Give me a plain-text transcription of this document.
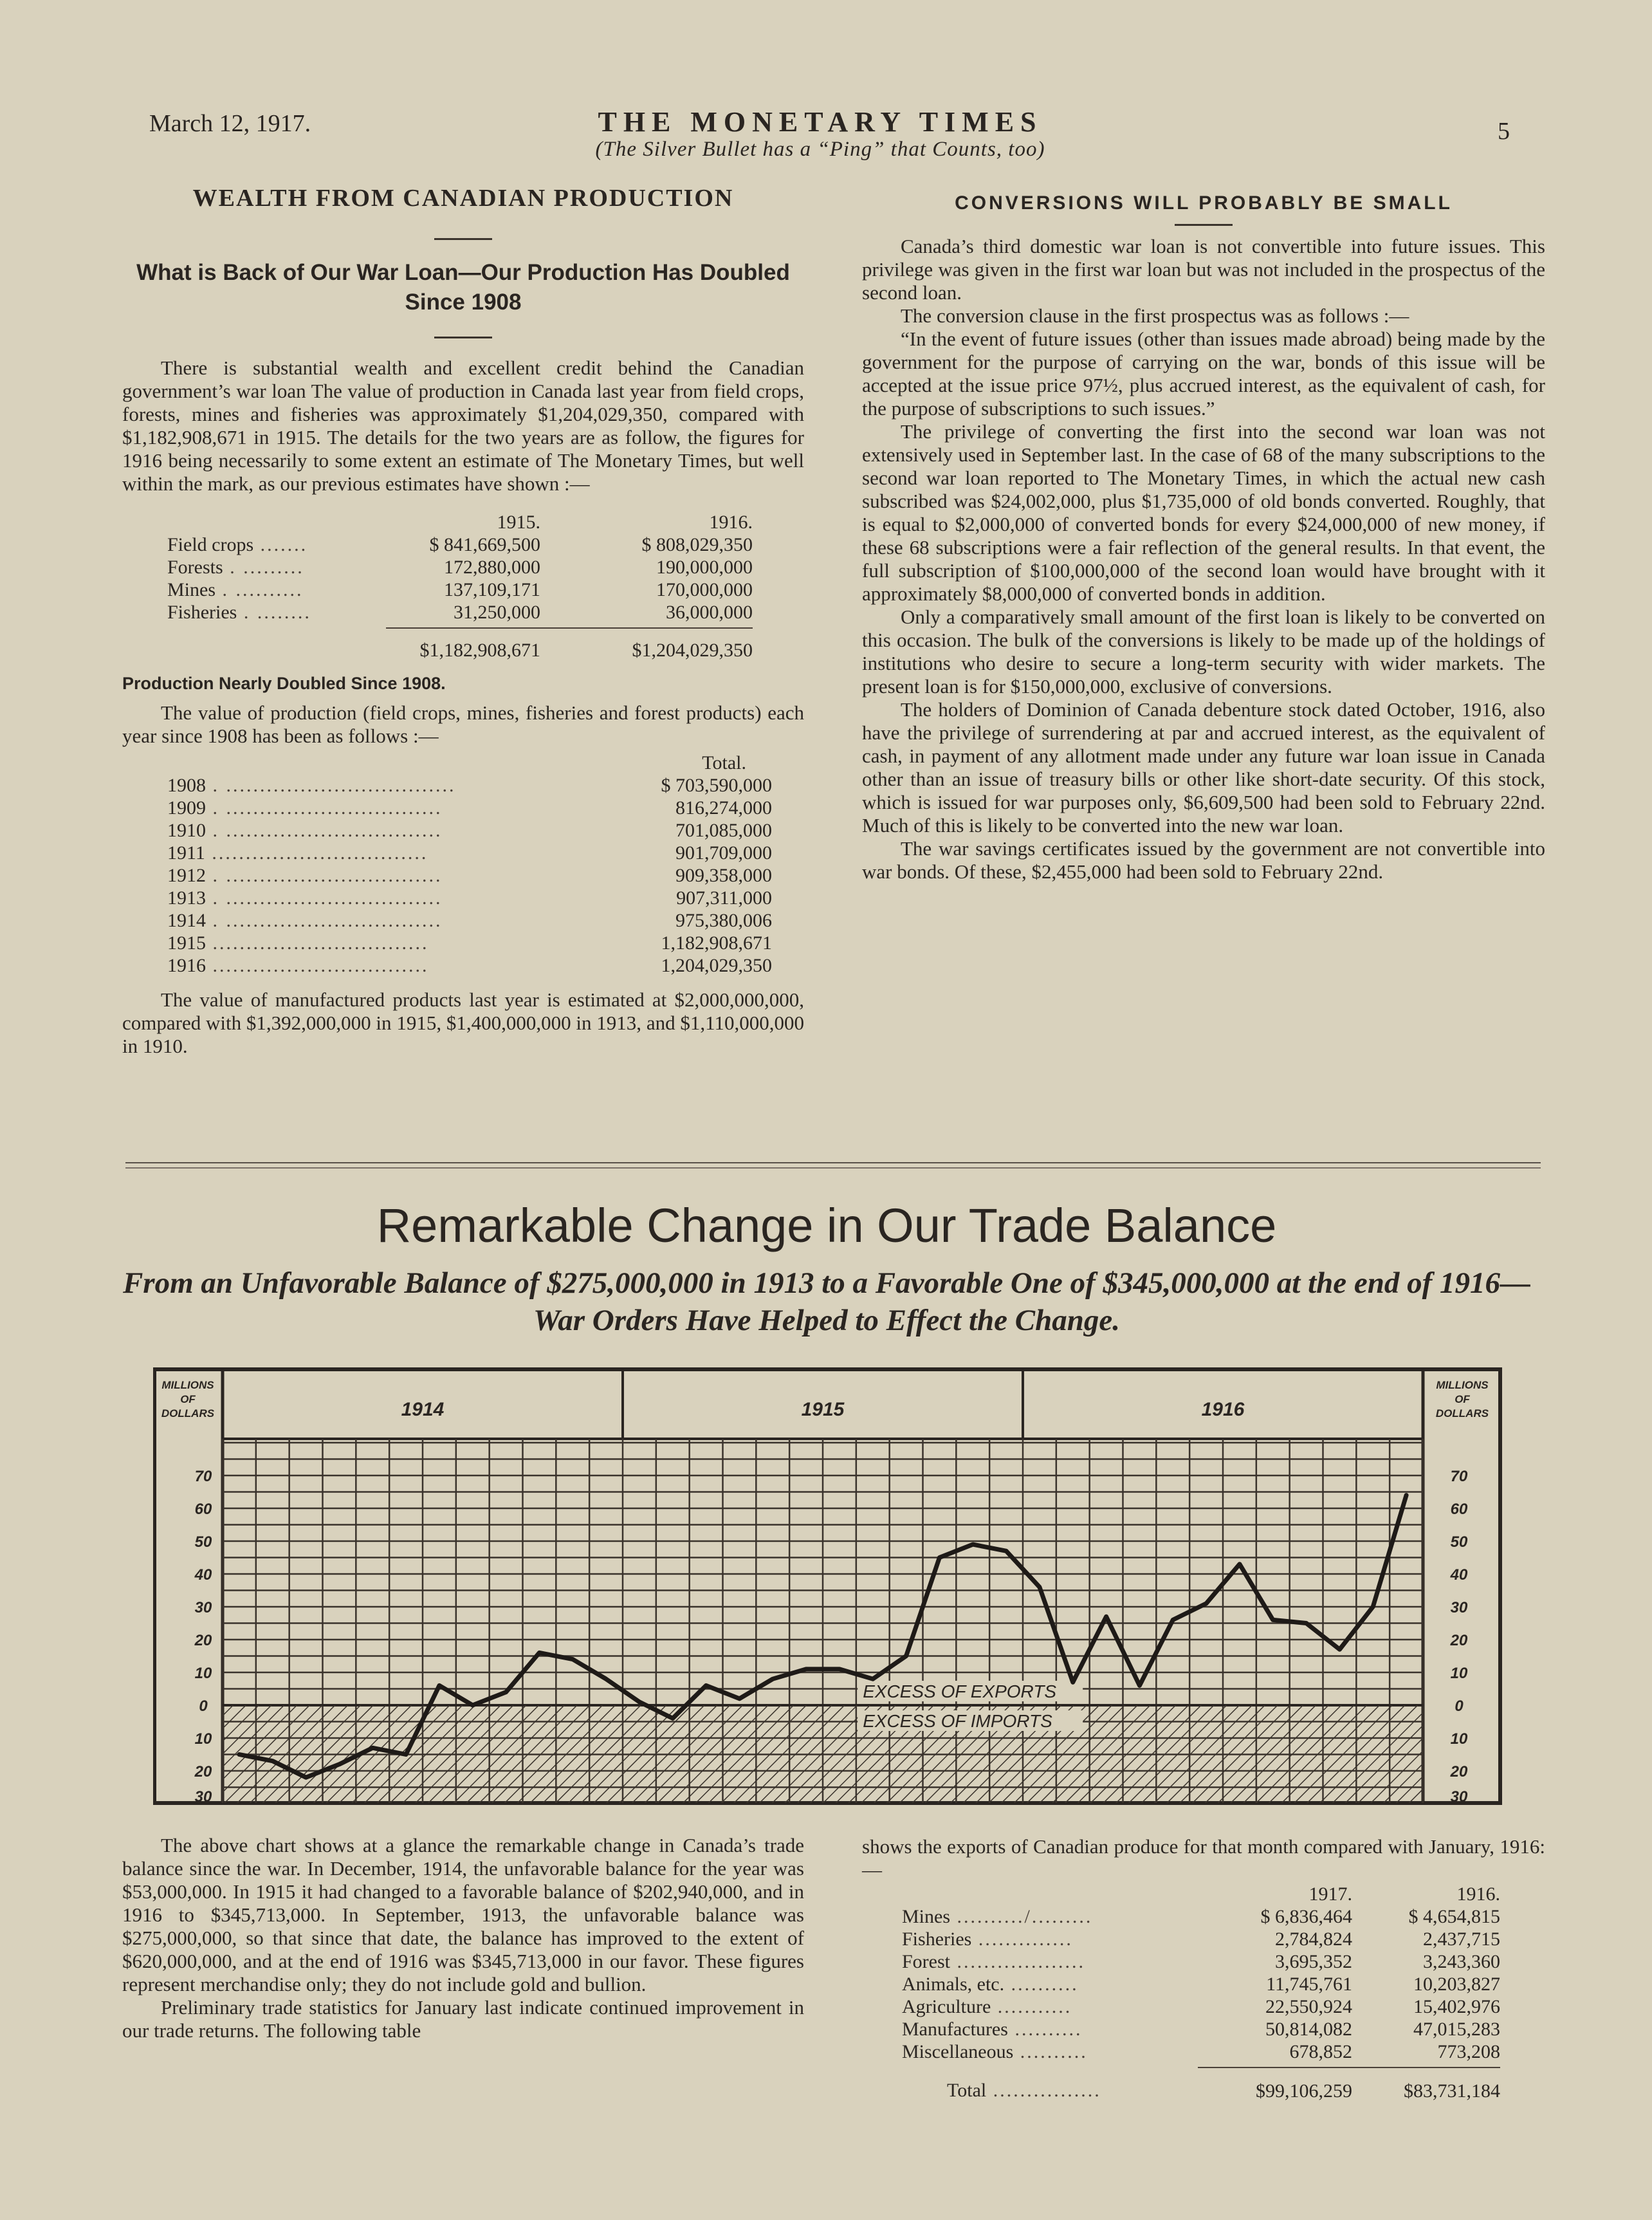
March 12, 1917.	THE MONETARY TIMES
(The Silver Bullet has a “Ping” that Counts, too)
5
WEALTH FROM CANADIAN PRODUCTION
What is Back of Our War Loan—Our Production Has Doubled Since 1908

There is substantial wealth and excellent credit behind the Canadian government’s war loan The value of production in Canada last year from field crops, forests, mines and fisheries was approximately $1,204,029,350, compared with $1,182,908,671 in 1915. The details for the two years are as follow, the figures for 1916 being necessarily to some extent an estimate of The Monetary Times, but well within the mark, as our previous estimates have shown :—

	1915.	1916.
Field crops .......	$ 841,669,500	$ 808,029,350
Forests . .........	172,880,000	190,000,000
Mines . ..........	137,109,171	170,000,000
Fisheries . ........	31,250,000	36,000,000
	$1,182,908,671	$1,204,029,350
Production Nearly Doubled Since 1908.

The value of production (field crops, mines, fisheries and forest products) each year since 1908 has been as follows :—

	Total.
1908 . ..................................	$ 703,590,000
1909 . ................................	816,274,000
1910 . ................................	701,085,000
1911 ................................	901,709,000
1912 . ................................	909,358,000
1913 . ................................	907,311,000
1914 . ................................	975,380,006
1915 ................................	1,182,908,671
1916 ................................	1,204,029,350

The value of manufactured products last year is estimated at $2,000,000,000, compared with $1,392,000,000 in 1915, $1,400,000,000 in 1913, and $1,110,000,000 in 1910.

CONVERSIONS WILL PROBABLY BE SMALL

Canada’s third domestic war loan is not convertible into future issues. This privilege was given in the first war loan but was not included in the prospectus of the second loan.

The conversion clause in the first prospectus was as follows :—

“In the event of future issues (other than issues made abroad) being made by the government for the purpose of carrying on the war, bonds of this issue will be accepted at the issue price 97½, plus accrued interest, as the equivalent of cash, for the purpose of subscriptions to such issues.”

The privilege of converting the first into the second war loan was not extensively used in September last. In the case of 68 of the many subscriptions to the second war loan reported to The Monetary Times, in which the actual new cash subscribed was $24,002,000, plus $1,735,000 of old bonds converted. Roughly, that is equal to $2,000,000 of converted bonds for every $24,000,000 of new money, if these 68 subscriptions were a fair reflection of the general results. In that event, the full subscription of $100,000,000 of the second loan would have brought with it approximately $8,000,000 of converted bonds in addition.

Only a comparatively small amount of the first loan is likely to be converted on this occasion. The bulk of the conversions is likely to be made up of the holdings of institutions who desire to secure a long-term security with wider markets. The present loan is for $150,000,000, exclusive of conversions.

The holders of Dominion of Canada debenture stock dated October, 1916, also have the privilege of surrendering at par and accrued interest, as the equivalent of cash, in payment of any allotment made under any future war loan issue in Canada other than an issue of treasury bills or other like short-date security. Of this stock, which is issued for war purposes only, $6,609,500 had been sold to February 22nd. Much of this is likely to be converted into the new war loan.

The war savings certificates issued by the government are not convertible into war bonds. Of these, $2,455,000 had been sold to February 22nd.

Remarkable Change in Our Trade Balance
From an Unfavorable Balance of $275,000,000 in 1913 to a Favorable One of $345,000,000 at the end of 1916—War Orders Have Helped to Effect the Change.
1914	1915	1916
MILLIONS
OF
DOLLARS
MILLIONS
OF
DOLLARS
70	70
60	60
50	50
40	40
30	30
20	20
10	10
0	0
10	10
20	20
30	30
EXCESS OF EXPORTS
EXCESS OF IMPORTS

The above chart shows at a glance the remarkable change in Canada’s trade balance since the war. In December, 1914, the unfavorable balance for the year was $53,000,000. In 1915 it had changed to a favorable balance of $202,940,000, and in 1916 to $345,713,000. In September, 1913, the unfavorable balance was $275,000,000, so that since that date, the balance has improved to the extent of $620,000,000, and at the end of 1916 was $345,713,000 in our favor. These figures represent merchandise only; they do not include gold and bullion.

Preliminary trade statistics for January last indicate continued improvement in our trade returns. The following table

shows the exports of Canadian produce for that month compared with January, 1916:—

	1917.	1916.
Mines ........../.........	$ 6,836,464	$ 4,654,815
Fisheries ..............	2,784,824	2,437,715
Forest ...................	3,695,352	3,243,360
Animals, etc. ..........	11,745,761	10,203,827
Agriculture ...........	22,550,924	15,402,976
Manufactures ..........	50,814,082	47,015,283
Miscellaneous ..........	678,852	773,208
Total ................	$99,106,259	$83,731,184
